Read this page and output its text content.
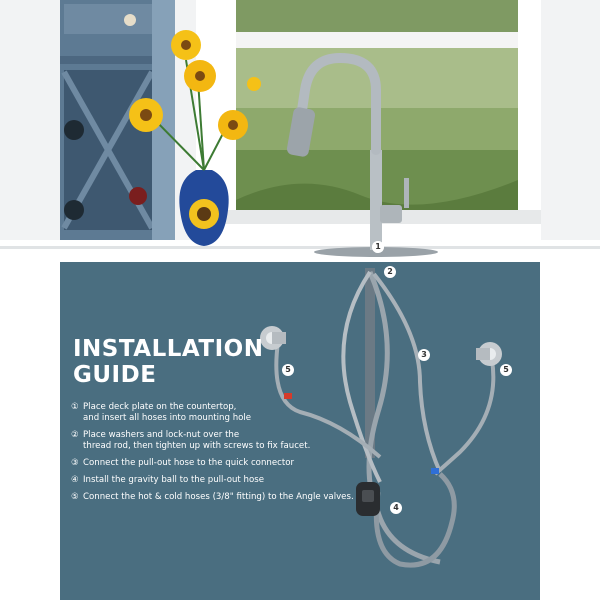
1
2
3
4
5	5
INSTALLATION
GUIDE
① Place deck plate on the countertop,
and insert all hoses into mounting hole
② Place washers and lock-nut over the
thread rod, then tighten up with screws to fix faucet.
③ Connect the pull-out hose to the quick connector
④ Install the gravity ball to the pull-out hose
⑤ Connect the hot & cold hoses (3/8" fitting) to the Angle valves.
